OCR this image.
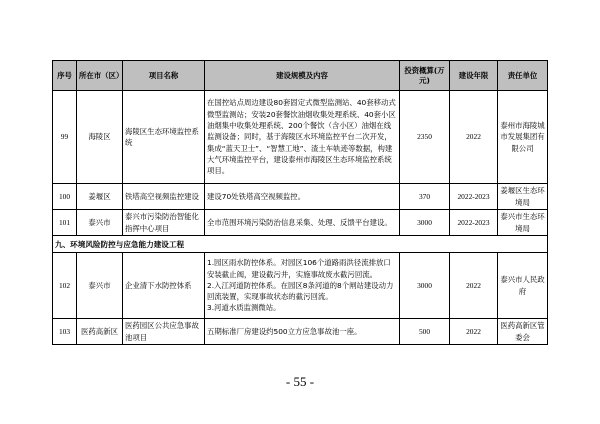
序号	所在市（区）	项目名称	建设规模及内容	投资概算(万元)	建设年限	责任单位
99	海陵区	海陵区生态环境监控系统	在国控站点周边建设80套固定式微型监测站、40套移动式微型监测站；安装20套餐饮油烟收集处理系统、40套小区油烟集中收集处理系统、200个餐饮（含小区）油烟在线监测设备；同时，基于海陵区水环境监控平台二次开发，集成“蓝天卫士”、“智慧工地”、渣土车轨迹等数据，构建大气环境监控平台，建设泰州市海陵区生态环境监控系统项目。	2350	2022	泰州市海陵城市发展集团有限公司
100	姜堰区	铁塔高空视频监控建设	建设70处铁塔高空视频监控。	370	2022-2023	姜堰区生态环境局
101	泰兴市	泰兴市污染防治智能化指挥中心项目	全市范围环境污染防治信息采集、处理、反馈平台建设。	3000	2022-2023	泰兴市生态环境局
九、环境风险防控与应急能力建设工程						
102	泰兴市	企业清下水防控体系	1.园区雨水防控体系。对园区106个道路雨洪径流排放口安装截止阀，建设截污井，实施事故废水截污回流。
2.入江河道防控体系。在园区8条河道的8个闸站建设动力回流装置，实现事故状态的截污回流。
3.河道水质监测微站。	3000	2022	泰兴市人民政府
103	医药高新区	医药园区公共应急事故池项目	五期标准厂房建设约500立方应急事故池一座。	500	2022	医药高新区管委会
- 55 -
